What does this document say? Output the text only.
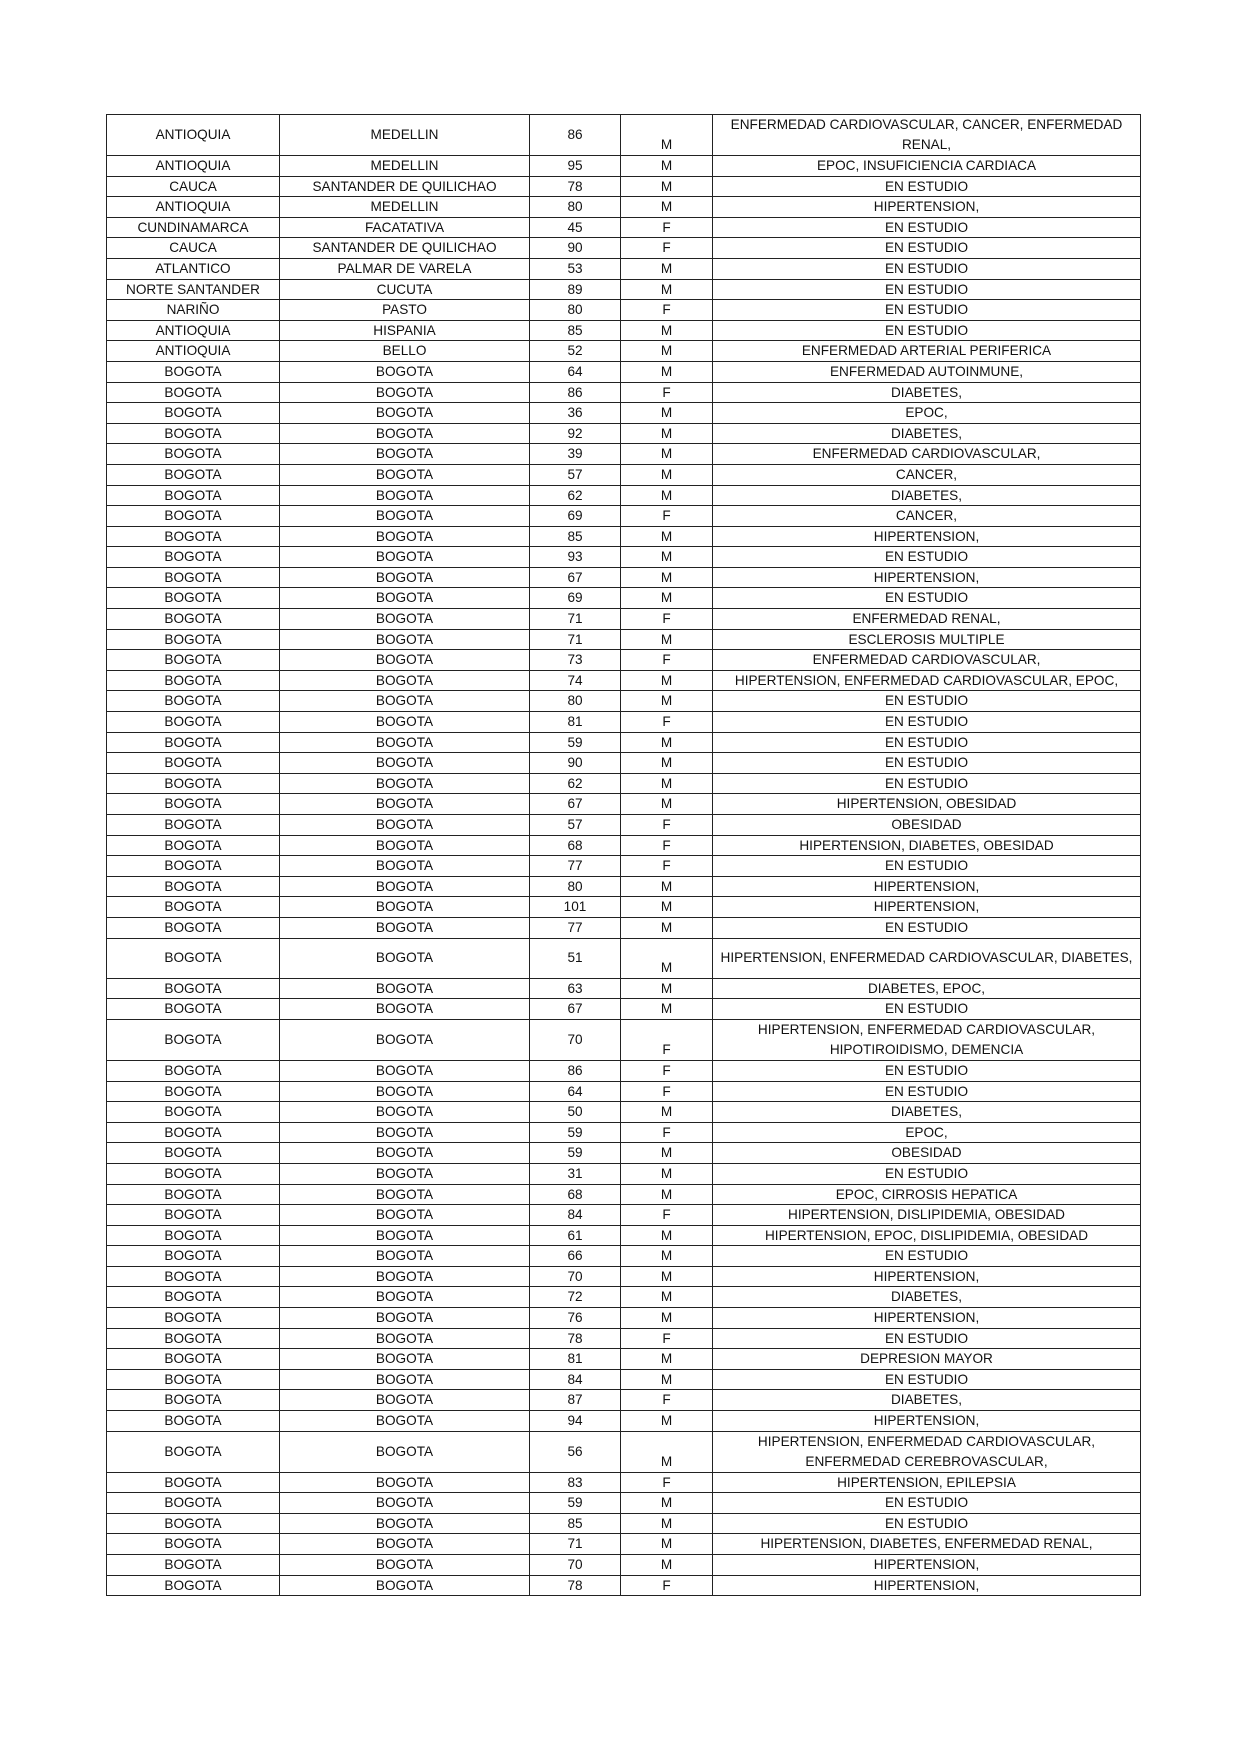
ANTIOQUIA	MEDELLIN	86	M	ENFERMEDAD CARDIOVASCULAR, CANCER, ENFERMEDAD RENAL,
ANTIOQUIA	MEDELLIN	95	M	EPOC, INSUFICIENCIA CARDIACA
CAUCA	SANTANDER DE QUILICHAO	78	M	EN ESTUDIO
ANTIOQUIA	MEDELLIN	80	M	HIPERTENSION,
CUNDINAMARCA	FACATATIVA	45	F	EN ESTUDIO
CAUCA	SANTANDER DE QUILICHAO	90	F	EN ESTUDIO
ATLANTICO	PALMAR DE VARELA	53	M	EN ESTUDIO
NORTE SANTANDER	CUCUTA	89	M	EN ESTUDIO
NARIÑO	PASTO	80	F	EN ESTUDIO
ANTIOQUIA	HISPANIA	85	M	EN ESTUDIO
ANTIOQUIA	BELLO	52	M	ENFERMEDAD ARTERIAL PERIFERICA
BOGOTA	BOGOTA	64	M	ENFERMEDAD AUTOINMUNE,
BOGOTA	BOGOTA	86	F	DIABETES,
BOGOTA	BOGOTA	36	M	EPOC,
BOGOTA	BOGOTA	92	M	DIABETES,
BOGOTA	BOGOTA	39	M	ENFERMEDAD CARDIOVASCULAR,
BOGOTA	BOGOTA	57	M	CANCER,
BOGOTA	BOGOTA	62	M	DIABETES,
BOGOTA	BOGOTA	69	F	CANCER,
BOGOTA	BOGOTA	85	M	HIPERTENSION,
BOGOTA	BOGOTA	93	M	EN ESTUDIO
BOGOTA	BOGOTA	67	M	HIPERTENSION,
BOGOTA	BOGOTA	69	M	EN ESTUDIO
BOGOTA	BOGOTA	71	F	ENFERMEDAD RENAL,
BOGOTA	BOGOTA	71	M	ESCLEROSIS MULTIPLE
BOGOTA	BOGOTA	73	F	ENFERMEDAD CARDIOVASCULAR,
BOGOTA	BOGOTA	74	M	HIPERTENSION, ENFERMEDAD CARDIOVASCULAR, EPOC,
BOGOTA	BOGOTA	80	M	EN ESTUDIO
BOGOTA	BOGOTA	81	F	EN ESTUDIO
BOGOTA	BOGOTA	59	M	EN ESTUDIO
BOGOTA	BOGOTA	90	M	EN ESTUDIO
BOGOTA	BOGOTA	62	M	EN ESTUDIO
BOGOTA	BOGOTA	67	M	HIPERTENSION, OBESIDAD
BOGOTA	BOGOTA	57	F	OBESIDAD
BOGOTA	BOGOTA	68	F	HIPERTENSION, DIABETES, OBESIDAD
BOGOTA	BOGOTA	77	F	EN ESTUDIO
BOGOTA	BOGOTA	80	M	HIPERTENSION,
BOGOTA	BOGOTA	101	M	HIPERTENSION,
BOGOTA	BOGOTA	77	M	EN ESTUDIO
BOGOTA	BOGOTA	51	M	HIPERTENSION, ENFERMEDAD CARDIOVASCULAR, DIABETES,
BOGOTA	BOGOTA	63	M	DIABETES, EPOC,
BOGOTA	BOGOTA	67	M	EN ESTUDIO
BOGOTA	BOGOTA	70	F	HIPERTENSION, ENFERMEDAD CARDIOVASCULAR, HIPOTIROIDISMO, DEMENCIA
BOGOTA	BOGOTA	86	F	EN ESTUDIO
BOGOTA	BOGOTA	64	F	EN ESTUDIO
BOGOTA	BOGOTA	50	M	DIABETES,
BOGOTA	BOGOTA	59	F	EPOC,
BOGOTA	BOGOTA	59	M	OBESIDAD
BOGOTA	BOGOTA	31	M	EN ESTUDIO
BOGOTA	BOGOTA	68	M	EPOC, CIRROSIS HEPATICA
BOGOTA	BOGOTA	84	F	HIPERTENSION, DISLIPIDEMIA, OBESIDAD
BOGOTA	BOGOTA	61	M	HIPERTENSION, EPOC, DISLIPIDEMIA, OBESIDAD
BOGOTA	BOGOTA	66	M	EN ESTUDIO
BOGOTA	BOGOTA	70	M	HIPERTENSION,
BOGOTA	BOGOTA	72	M	DIABETES,
BOGOTA	BOGOTA	76	M	HIPERTENSION,
BOGOTA	BOGOTA	78	F	EN ESTUDIO
BOGOTA	BOGOTA	81	M	DEPRESION MAYOR
BOGOTA	BOGOTA	84	M	EN ESTUDIO
BOGOTA	BOGOTA	87	F	DIABETES,
BOGOTA	BOGOTA	94	M	HIPERTENSION,
BOGOTA	BOGOTA	56	M	HIPERTENSION, ENFERMEDAD CARDIOVASCULAR, ENFERMEDAD CEREBROVASCULAR,
BOGOTA	BOGOTA	83	F	HIPERTENSION, EPILEPSIA
BOGOTA	BOGOTA	59	M	EN ESTUDIO
BOGOTA	BOGOTA	85	M	EN ESTUDIO
BOGOTA	BOGOTA	71	M	HIPERTENSION, DIABETES, ENFERMEDAD RENAL,
BOGOTA	BOGOTA	70	M	HIPERTENSION,
BOGOTA	BOGOTA	78	F	HIPERTENSION,
